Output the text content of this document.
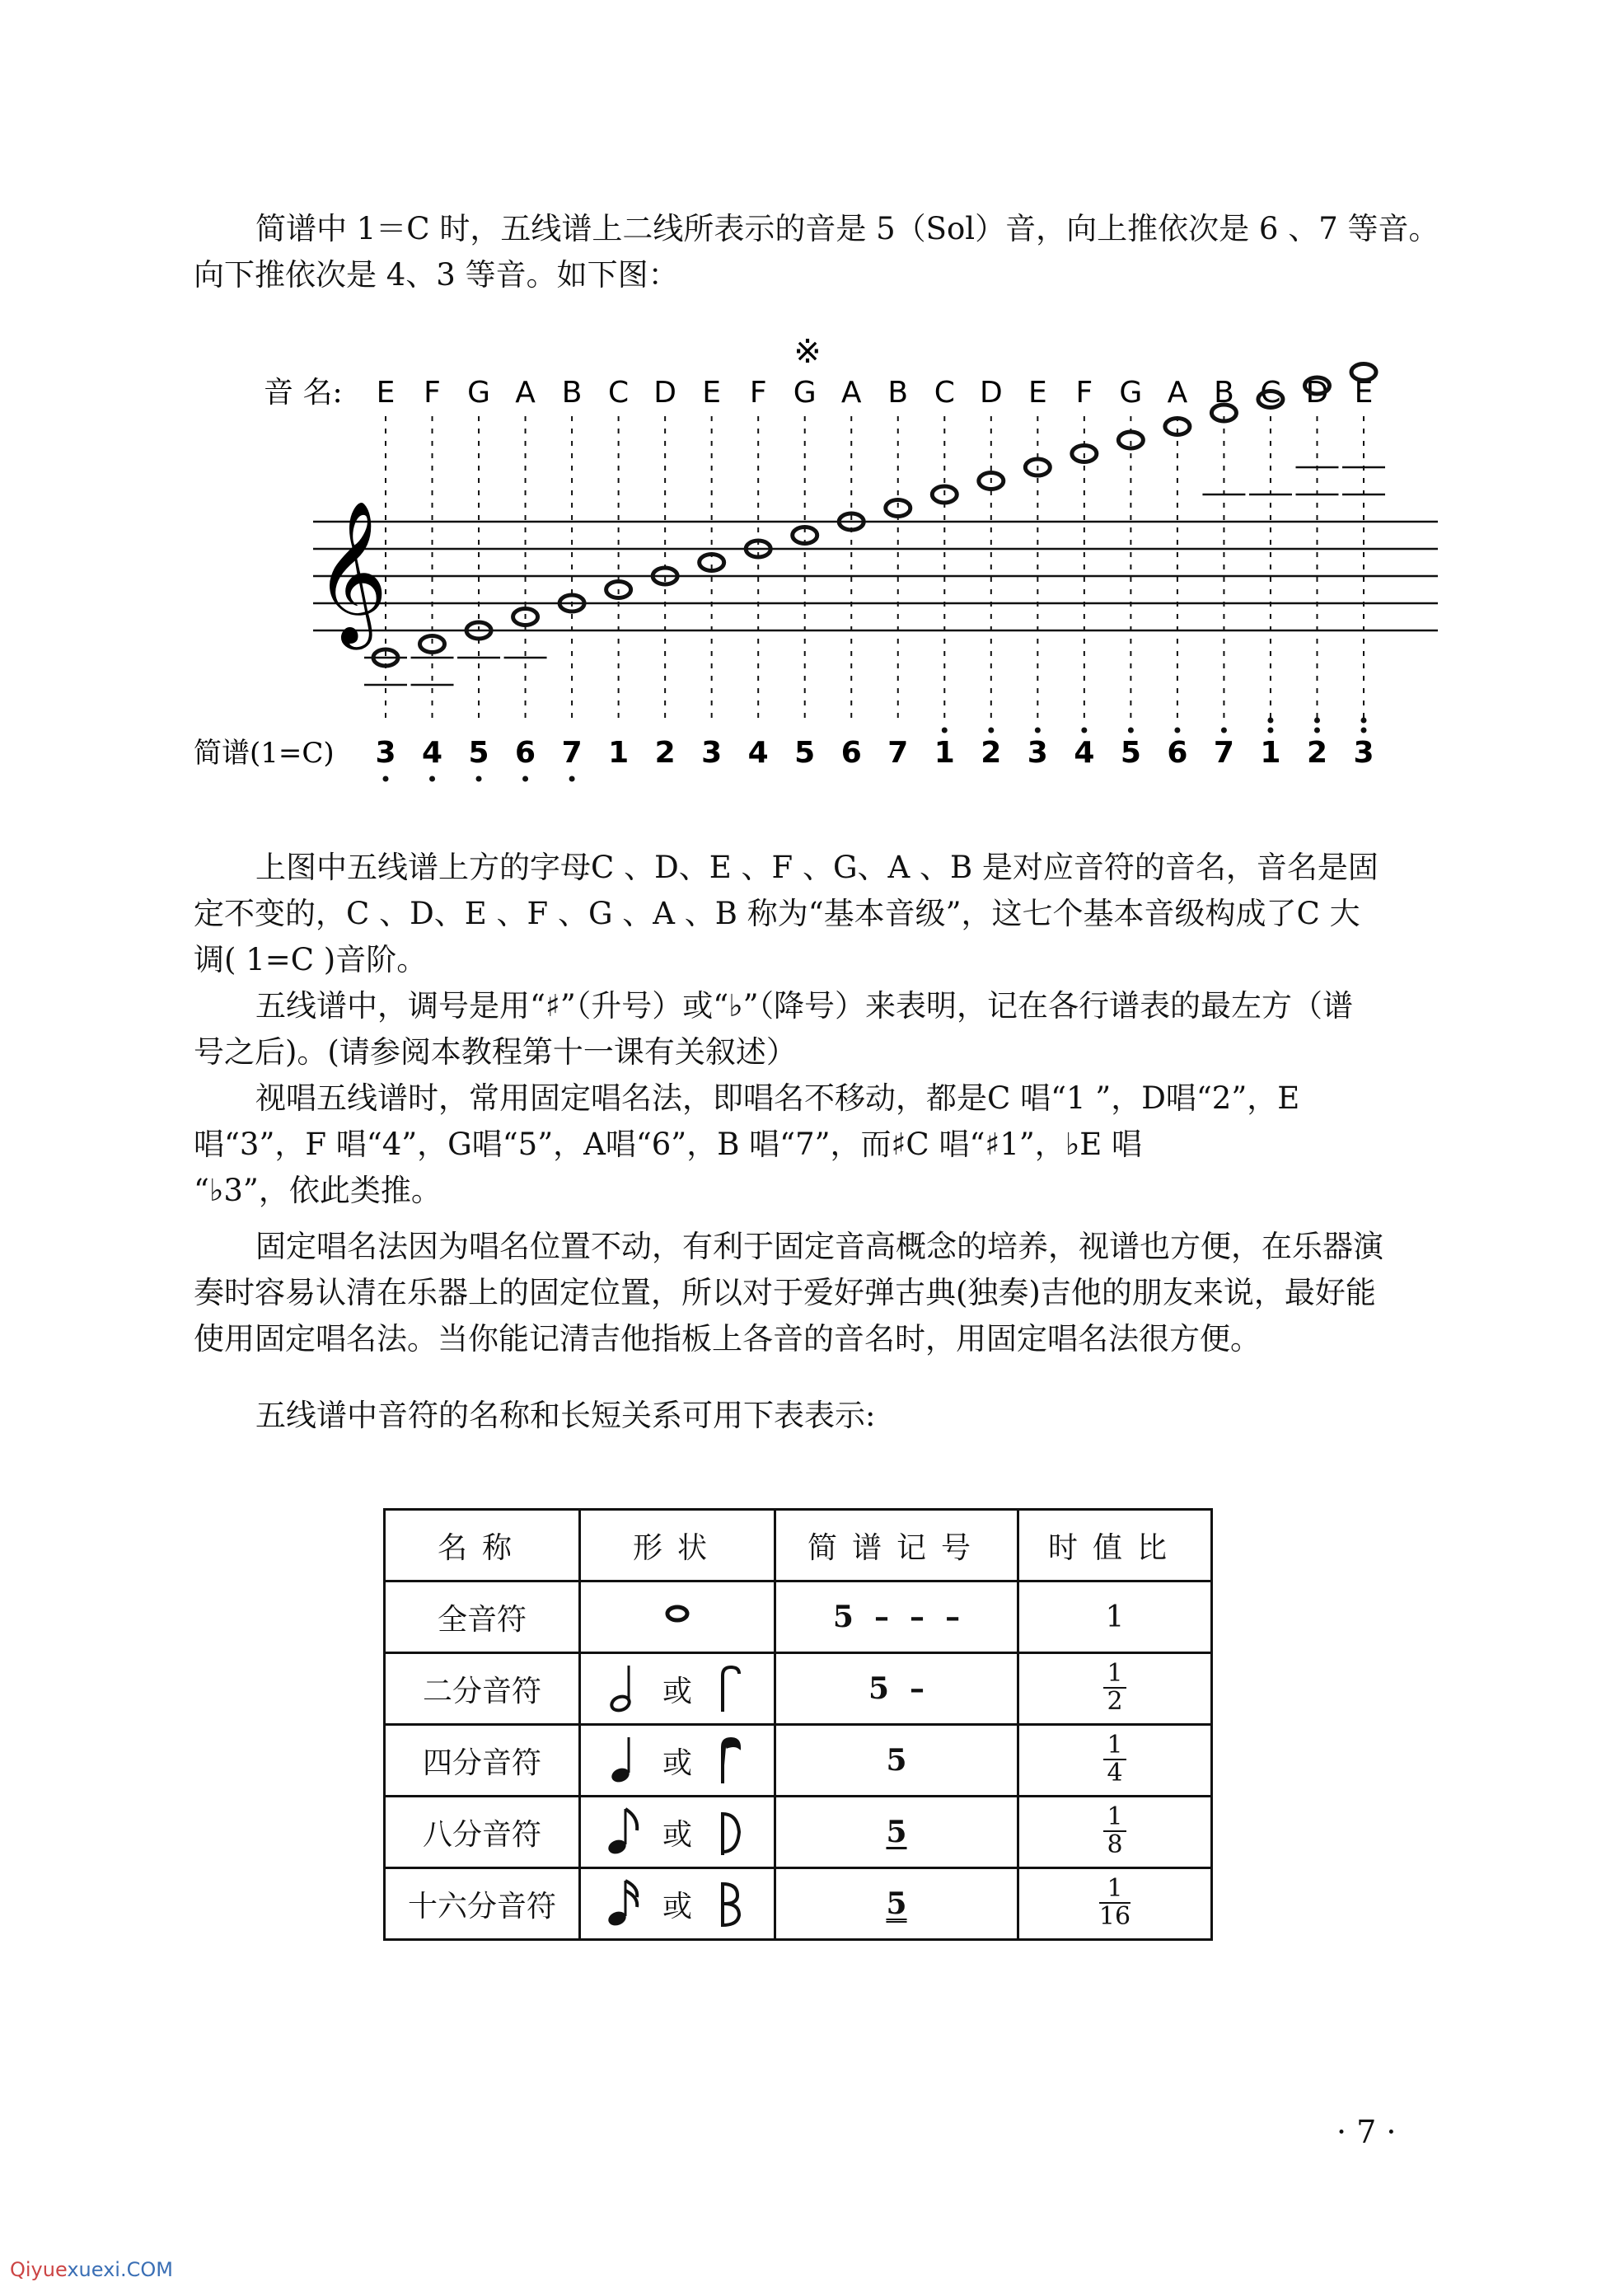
简谱中 1＝C 时，五线谱上二线所表示的音是 5（Sol）音，向上推依次是 6 、7 等音。

向下推依次是 4、3 等音。如下图：

※
音 名:
简谱(1=C)
𝄞
E
3
F
4
G
5
A
6
B
7
C
1
D
2
E
3
F
4
G
5
A
6
B
7
C
1
D
2
E
3
F
4
G
5
A
6
B
7
C
1
D
2
E
3

上图中五线谱上方的字母C 、D、E 、F 、G、A 、B 是对应音符的音名，音名是固

定不变的，C 、D、E 、F 、G 、A 、B 称为“基本音级”，这七个基本音级构成了C 大

调( 1=C )音阶。

五线谱中，调号是用“♯”（升号）或“♭”（降号）来表明，记在各行谱表的最左方（谱

号之后)。(请参阅本教程第十一课有关叙述）

视唱五线谱时，常用固定唱名法，即唱名不移动，都是C 唱“1 ”，D唱“2”，E

唱“3”，F 唱“4”，G唱“5”，A唱“6”，B 唱“7”，而♯C 唱“♯1”，♭E 唱

“♭3”，依此类推。

固定唱名法因为唱名位置不动，有利于固定音高概念的培养，视谱也方便，在乐器演

奏时容易认清在乐器上的固定位置，所以对于爱好弹古典(独奏)吉他的朋友来说，最好能

使用固定唱名法。当你能记清吉他指板上各音的音名时，用固定唱名法很方便。

五线谱中音符的名称和长短关系可用下表表示:

名称	形状	简谱记号	时值比
全音符		5  –  –  –	1
二分音符	或	5  –	$\frac{1}{2}$

四分音符	或	5	$\frac{1}{4}$

八分音符	或	5	$\frac{1}{8}$

十六分音符	或	5	$\frac{1}{16}$
· 7 ·
Qiyuexuexi.COM
